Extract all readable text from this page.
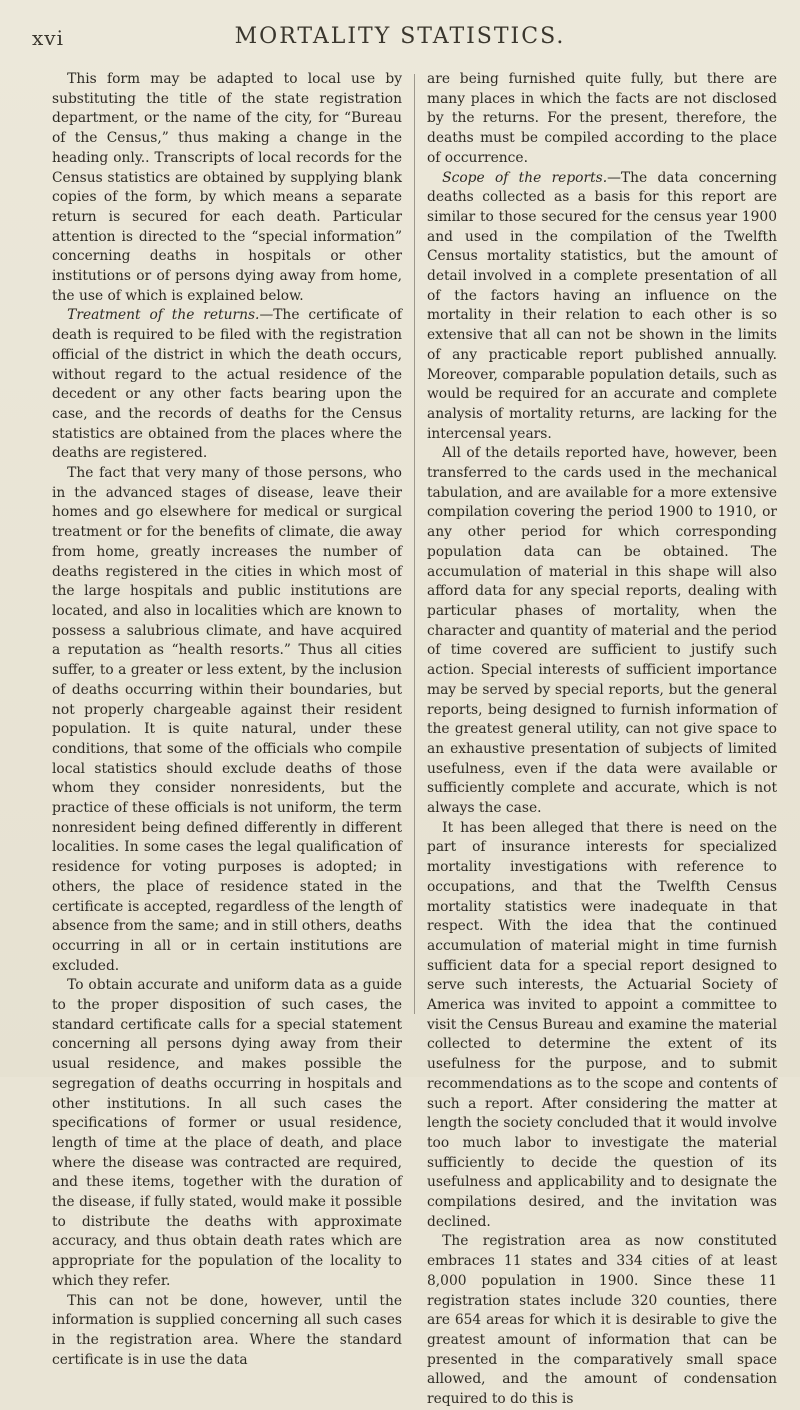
xvi	MORTALITY STATISTICS.

This form may be adapted to local use by substituting the title of the state registration department, or the name of the city, for “Bureau of the Census,” thus making a change in the heading only.. Transcripts of local records for the Census statistics are obtained by supplying blank copies of the form, by which means a separate return is secured for each death. Particular attention is directed to the “special information” concerning deaths in hospitals or other institutions or of persons dying away from home, the use of which is explained below.

Treatment of the returns.—The certificate of death is required to be filed with the registration official of the district in which the death occurs, without regard to the actual residence of the decedent or any other facts bearing upon the case, and the records of deaths for the Census statistics are obtained from the places where the deaths are registered.

The fact that very many of those persons, who in the advanced stages of disease, leave their homes and go elsewhere for medical or surgical treatment or for the benefits of climate, die away from home, greatly increases the number of deaths registered in the cities in which most of the large hospitals and public institutions are located, and also in localities which are known to possess a salubrious climate, and have acquired a reputation as “health resorts.” Thus all cities suffer, to a greater or less extent, by the inclusion of deaths occurring within their boundaries, but not properly chargeable against their resident population. It is quite natural, under these conditions, that some of the officials who compile local statistics should exclude deaths of those whom they consider nonresidents, but the practice of these officials is not uniform, the term nonresident being defined differently in different localities. In some cases the legal qualification of residence for voting purposes is adopted; in others, the place of residence stated in the certificate is accepted, regardless of the length of absence from the same; and in still others, deaths occurring in all or in certain institutions are excluded.

To obtain accurate and uniform data as a guide to the proper disposition of such cases, the standard certificate calls for a special statement concerning all persons dying away from their usual residence, and makes possible the segregation of deaths occurring in hospitals and other institutions. In all such cases the specifications of former or usual residence, length of time at the place of death, and place where the disease was contracted are required, and these items, together with the duration of the disease, if fully stated, would make it possible to distribute the deaths with approximate accuracy, and thus obtain death rates which are appropriate for the population of the locality to which they refer.

This can not be done, however, until the information is supplied concerning all such cases in the registration area. Where the standard certificate is in use the data

are being furnished quite fully, but there are many places in which the facts are not disclosed by the returns. For the present, therefore, the deaths must be compiled according to the place of occurrence.

Scope of the reports.—The data concerning deaths collected as a basis for this report are similar to those secured for the census year 1900 and used in the compilation of the Twelfth Census mortality statistics, but the amount of detail involved in a complete presentation of all of the factors having an influence on the mortality in their relation to each other is so extensive that all can not be shown in the limits of any practicable report published annually. Moreover, comparable population details, such as would be required for an accurate and complete analysis of mortality returns, are lacking for the intercensal years.

All of the details reported have, however, been transferred to the cards used in the mechanical tabulation, and are available for a more extensive compilation covering the period 1900 to 1910, or any other period for which corresponding population data can be obtained. The accumulation of material in this shape will also afford data for any special reports, dealing with particular phases of mortality, when the character and quantity of material and the period of time covered are sufficient to justify such action. Special interests of sufficient importance may be served by special reports, but the general reports, being designed to furnish information of the greatest general utility, can not give space to an exhaustive presentation of subjects of limited usefulness, even if the data were available or sufficiently complete and accurate, which is not always the case.

It has been alleged that there is need on the part of insurance interests for specialized mortality investigations with reference to occupations, and that the Twelfth Census mortality statistics were inadequate in that respect. With the idea that the continued accumulation of material might in time furnish sufficient data for a special report designed to serve such interests, the Actuarial Society of America was invited to appoint a committee to visit the Census Bureau and examine the material collected to determine the extent of its usefulness for the purpose, and to submit recommendations as to the scope and contents of such a report. After considering the matter at length the society concluded that it would involve too much labor to investigate the material sufficiently to decide the question of its usefulness and applicability and to designate the compilations desired, and the invitation was declined.

The registration area as now constituted embraces 11 states and 334 cities of at least 8,000 population in 1900. Since these 11 registration states include 320 counties, there are 654 areas for which it is desirable to give the greatest amount of information that can be presented in the comparatively small space allowed, and the amount of condensation required to do this is
